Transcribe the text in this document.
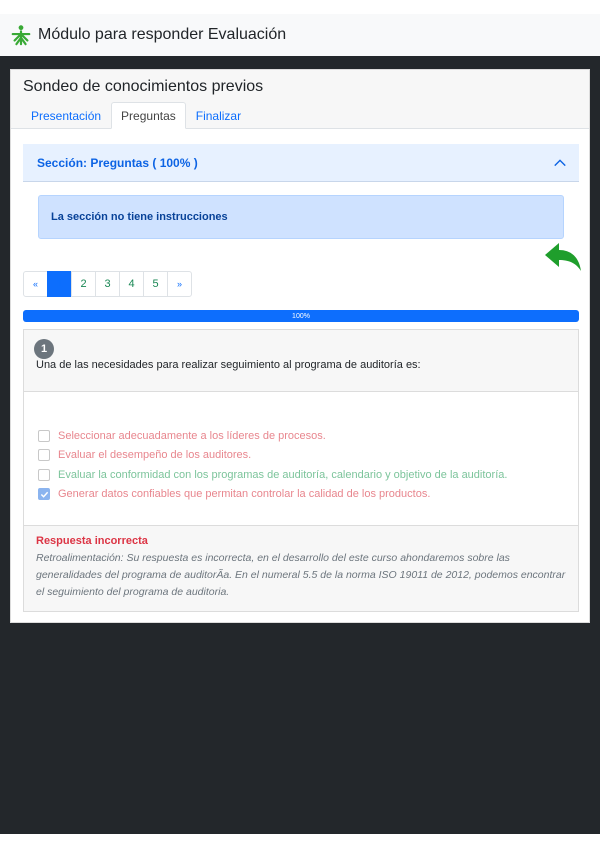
Módulo para responder Evaluación
Sondeo de conocimientos previos
Presentación	Preguntas	Finalizar
Sección: Preguntas ( 100% )
La sección no tiene instrucciones
«	1	2	3	4	5	»
100%
1
Una de las necesidades para realizar seguimiento al programa de auditoría es:
Seleccionar adecuadamente a los líderes de procesos.
Evaluar el desempeño de los auditores.
Evaluar la conformidad con los programas de auditoría, calendario y objetivo de la auditoría.
Generar datos confiables que permitan controlar la calidad de los productos.
Respuesta incorrecta
Retroalimentación: Su respuesta es incorrecta, en el desarrollo del este curso ahondaremos sobre las generalidades del programa de auditorÃa. En el numeral 5.5 de la norma ISO 19011 de 2012, podemos encontrar el seguimiento del programa de auditoria.
